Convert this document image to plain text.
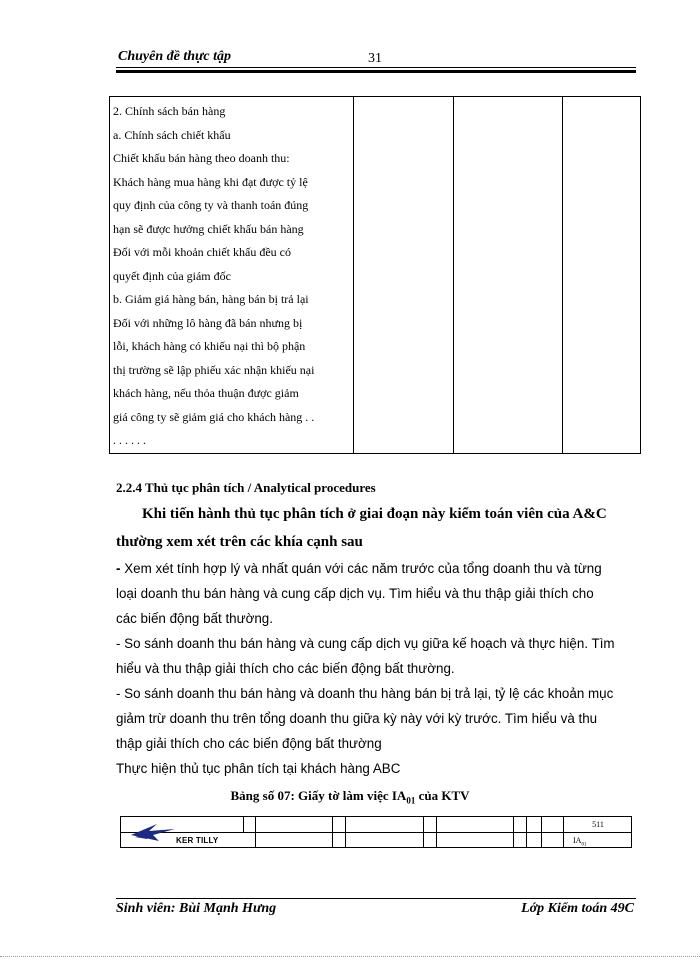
Chuyên đề thực tập	31
2. Chính sách bán hàng
a. Chính sách chiết khấu
Chiết khấu bán hàng theo doanh thu:
Khách hàng mua hàng khi đạt được tỷ lệ
quy định của công ty và thanh toán đúng
hạn sẽ được hưởng chiết khấu bán hàng
Đối với mỗi khoản chiết khấu đều có
quyết định của giám đốc
b. Giảm giá hàng bán, hàng bán bị trả lại
Đối với những lô hàng đã bán nhưng bị
lỗi, khách hàng có khiếu nại thì bộ phận
thị trường sẽ lập phiếu xác nhận khiếu nại
khách hàng, nếu thỏa thuận được giảm
giá công ty sẽ giảm giá cho khách hàng . .
. . . . . .

2.2.4 Thủ tục phân tích / Analytical procedures
Khi tiến hành thủ tục phân tích ở giai đoạn này kiểm toán viên của A&C
thường xem xét trên các khía cạnh sau
- Xem xét tính hợp lý và nhất quán với các năm trước của tổng doanh thu và từng
loại doanh thu bán hàng và cung cấp dịch vụ. Tìm hiểu và thu thập giải thích cho
các biến động bất thường.
- So sánh doanh thu bán hàng và cung cấp dịch vụ giữa kế hoạch và thực hiện. Tìm
hiểu và thu thập giải thích cho các biến động bất thường.
- So sánh doanh thu bán hàng và doanh thu hàng bán bị trả lại, tỷ lệ các khoản mục
giảm trừ doanh thu trên tổng doanh thu giữa kỳ này với kỳ trước. Tìm hiểu và thu
thập giải thích cho các biến động bất thường
Thực hiện thủ tục phân tích tại khách hàng ABC
Bảng số 07: Giấy tờ làm việc $IA_{01}$ của KTV
KER TILLY
511
$IA_{01}$
Sinh viên: Bùi Mạnh Hưng	Lớp Kiểm toán 49C
